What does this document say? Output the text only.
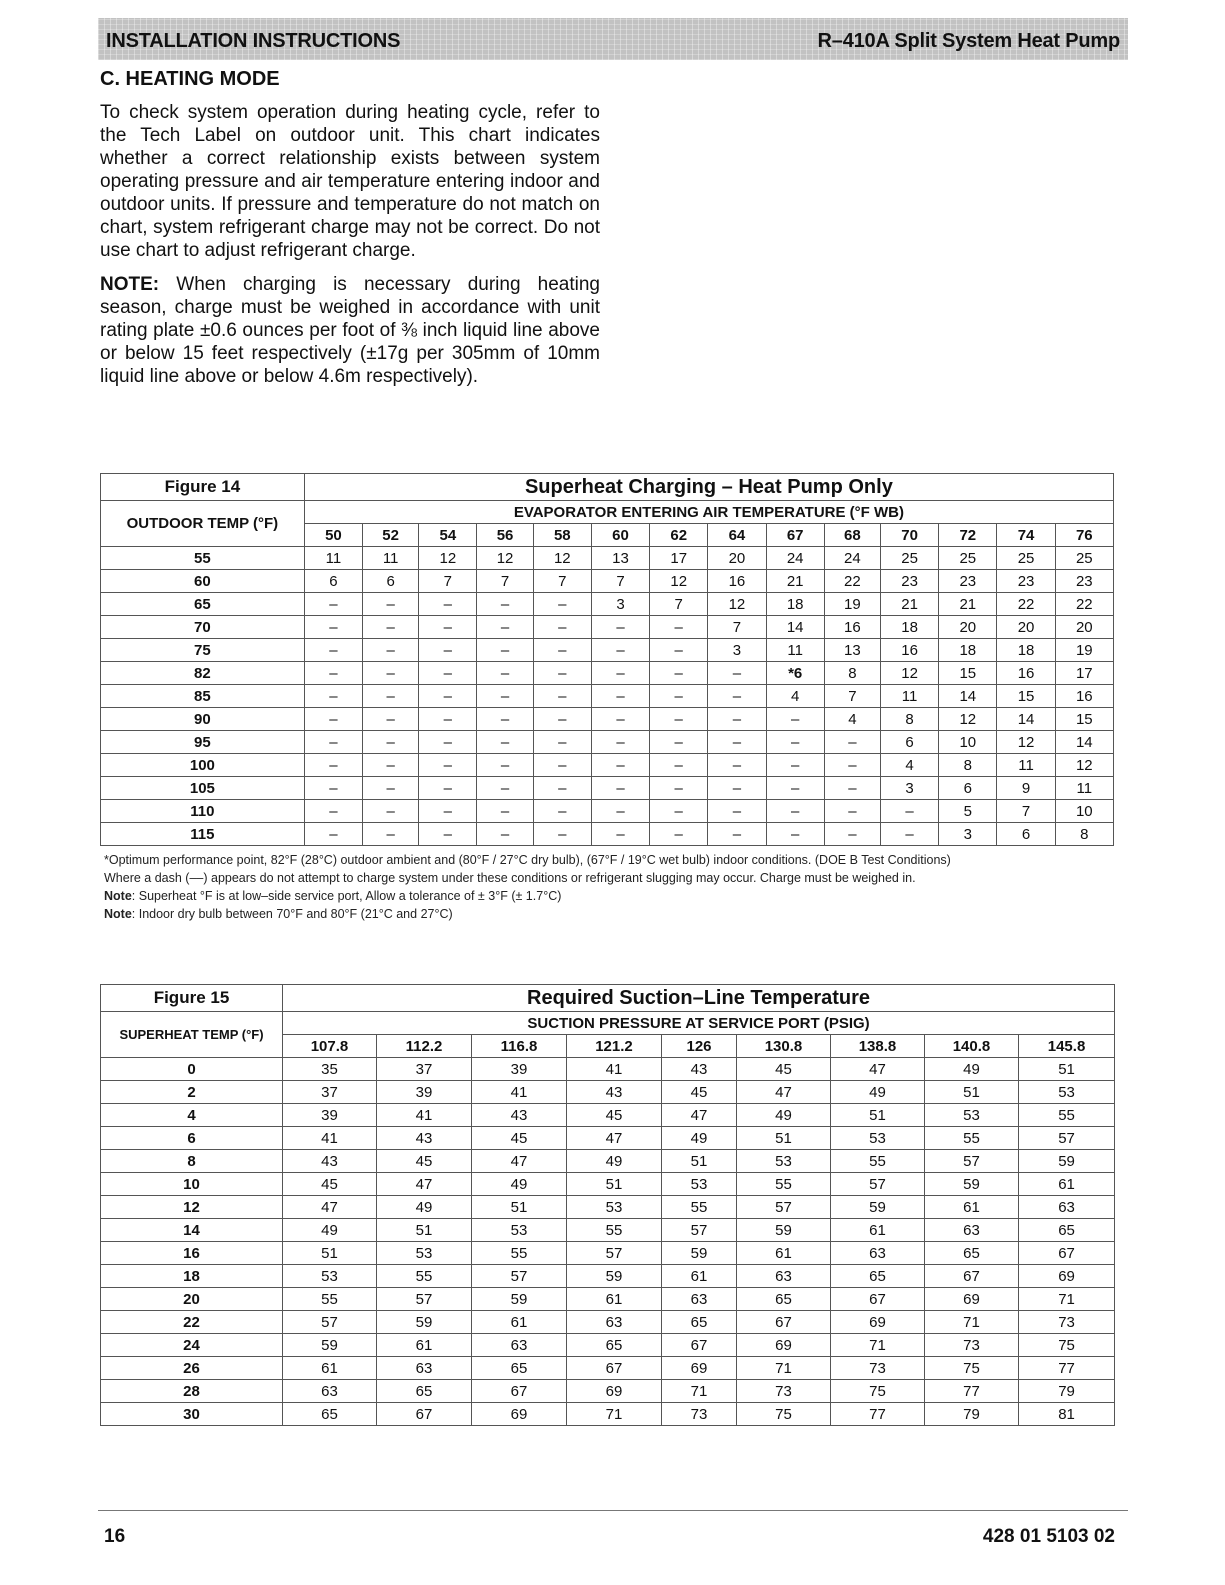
INSTALLATION INSTRUCTIONS	R–410A Split System Heat Pump
C. HEATING MODE

To check system operation during heating cycle, refer to the Tech Label on outdoor unit. This chart indicates whether a correct relationship exists between system operating pressure and air temperature entering indoor and outdoor units. If pressure and temperature do not match on chart, system refrigerant charge may not be correct. Do not use chart to adjust refrigerant charge.

NOTE: When charging is necessary during heating season, charge must be weighed in accordance with unit rating plate ±0.6 ounces per foot of ⅜ inch liquid line above or below 15 feet respectively (±17g per 305mm of 10mm liquid line above or below 4.6m respectively).

Figure 14	Superheat Charging – Heat Pump Only													
OUTDOOR TEMP (°F)	EVAPORATOR ENTERING AIR TEMPERATURE (°F WB)													
	50	52	54	56	58	60	62	64	67	68	70	72	74	76
55	11	11	12	12	12	13	17	20	24	24	25	25	25	25
60	6	6	7	7	7	7	12	16	21	22	23	23	23	23
65	–	–	–	–	–	3	7	12	18	19	21	21	22	22
70	–	–	–	–	–	–	–	7	14	16	18	20	20	20
75	–	–	–	–	–	–	–	3	11	13	16	18	18	19
82	–	–	–	–	–	–	–	–	*6	8	12	15	16	17
85	–	–	–	–	–	–	–	–	4	7	11	14	15	16
90	–	–	–	–	–	–	–	–	–	4	8	12	14	15
95	–	–	–	–	–	–	–	–	–	–	6	10	12	14
100	–	–	–	–	–	–	–	–	–	–	4	8	11	12
105	–	–	–	–	–	–	–	–	–	–	3	6	9	11
110	–	–	–	–	–	–	–	–	–	–	–	5	7	10
115	–	–	–	–	–	–	–	–	–	–	–	3	6	8
*Optimum performance point, 82°F (28°C) outdoor ambient and (80°F / 27°C dry bulb), (67°F / 19°C wet bulb) indoor conditions. (DOE B Test Conditions)
Where a dash (––) appears do not attempt to charge system under these conditions or refrigerant slugging may occur. Charge must be weighed in.
Note: Superheat °F is at low–side service port, Allow a tolerance of ± 3°F (± 1.7°C)
Note: Indoor dry bulb between 70°F and 80°F (21°C and 27°C)
Figure 15	Required Suction–Line Temperature								
SUPERHEAT TEMP (°F)	SUCTION PRESSURE AT SERVICE PORT (PSIG)								
	107.8	112.2	116.8	121.2	126	130.8	138.8	140.8	145.8
0	35	37	39	41	43	45	47	49	51
2	37	39	41	43	45	47	49	51	53
4	39	41	43	45	47	49	51	53	55
6	41	43	45	47	49	51	53	55	57
8	43	45	47	49	51	53	55	57	59
10	45	47	49	51	53	55	57	59	61
12	47	49	51	53	55	57	59	61	63
14	49	51	53	55	57	59	61	63	65
16	51	53	55	57	59	61	63	65	67
18	53	55	57	59	61	63	65	67	69
20	55	57	59	61	63	65	67	69	71
22	57	59	61	63	65	67	69	71	73
24	59	61	63	65	67	69	71	73	75
26	61	63	65	67	69	71	73	75	77
28	63	65	67	69	71	73	75	77	79
30	65	67	69	71	73	75	77	79	81
16	428 01 5103 02
